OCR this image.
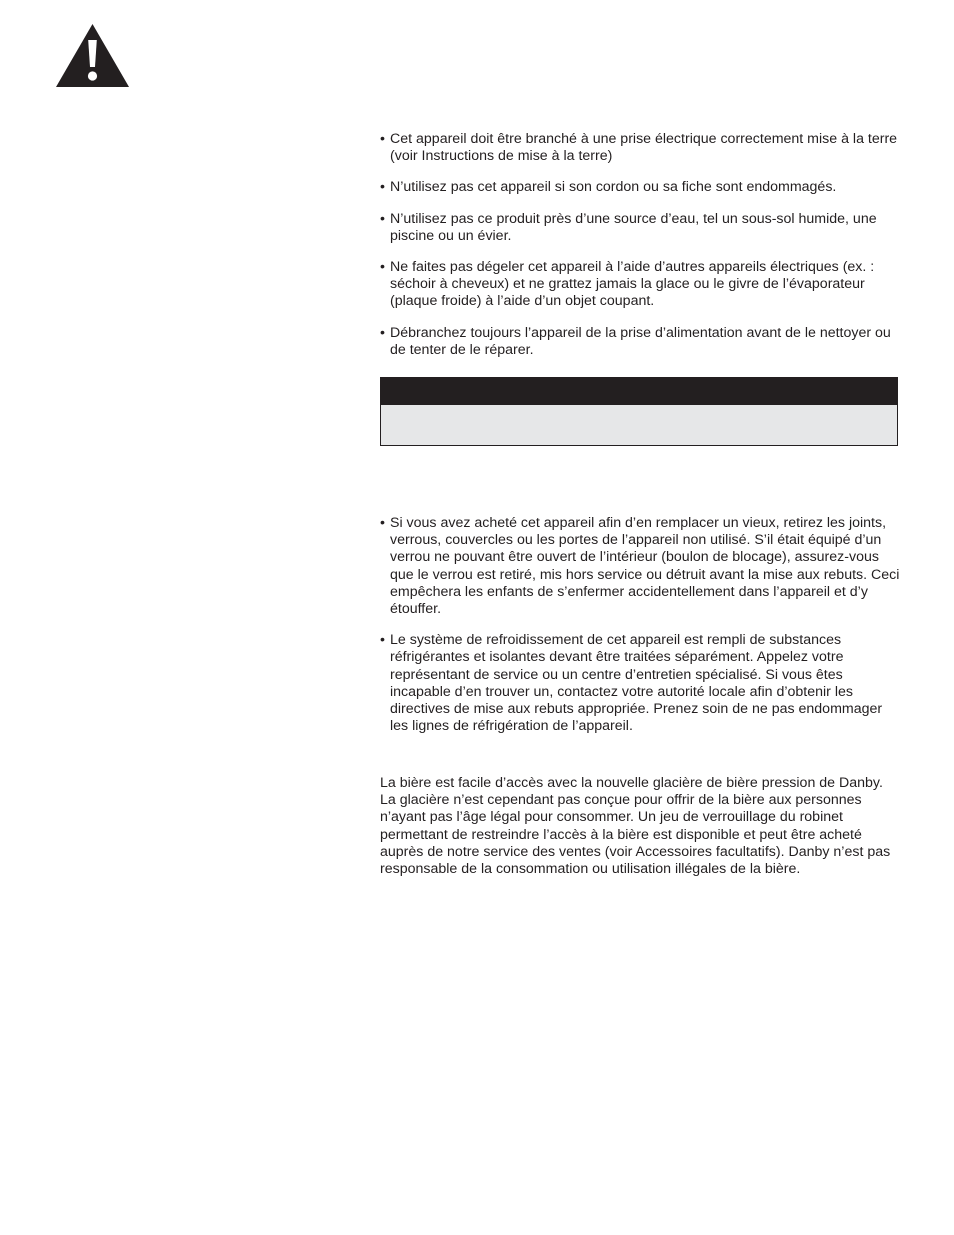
• Cet appareil doit être branché à une prise électrique correctement mise à la terre (voir Instructions de mise à la terre)

• N’utilisez pas cet appareil si son cordon ou sa fiche sont endommagés.

• N’utilisez pas ce produit près d’une source d’eau, tel un sous-sol humide, une piscine ou un évier.

• Ne faites pas dégeler cet appareil à l’aide d’autres appareils électriques (ex. : séchoir à cheveux) et ne grattez jamais la glace ou le givre de l’évaporateur (plaque froide) à l’aide d’un objet coupant.

• Débranchez toujours l’appareil de la prise d’alimentation avant de le nettoyer ou de tenter de le réparer.

• Si vous avez acheté cet appareil afin d’en remplacer un vieux, retirez les joints, verrous, couvercles ou les portes de l’appareil non utilisé. S’il était équipé d’un verrou ne pouvant être ouvert de l’intérieur (boulon de blocage), assurez-vous que le verrou est retiré, mis hors service ou détruit avant la mise aux rebuts. Ceci empêchera les enfants de s’enfermer accidentellement dans l’appareil et d’y étouffer.

• Le système de refroidissement de cet appareil est rempli de substances réfrigérantes et isolantes devant être traitées séparément. Appelez votre représentant de service ou un centre d’entretien spécialisé. Si vous êtes incapable d’en trouver un, contactez votre autorité locale afin d’obtenir les directives de mise aux rebuts appropriée. Prenez soin de ne pas endommager les lignes de réfrigération de l’appareil.

La bière est facile d’accès avec la nouvelle glacière de bière pression de Danby. La glacière n’est cependant pas conçue pour offrir de la bière aux personnes n’ayant pas l’âge légal pour consommer. Un jeu de verrouillage du robinet permettant de restreindre l’accès à la bière est disponible et peut être acheté auprès de notre service des ventes (voir Accessoires facultatifs). Danby n’est pas responsable de la consommation ou utilisation illégales de la bière.
